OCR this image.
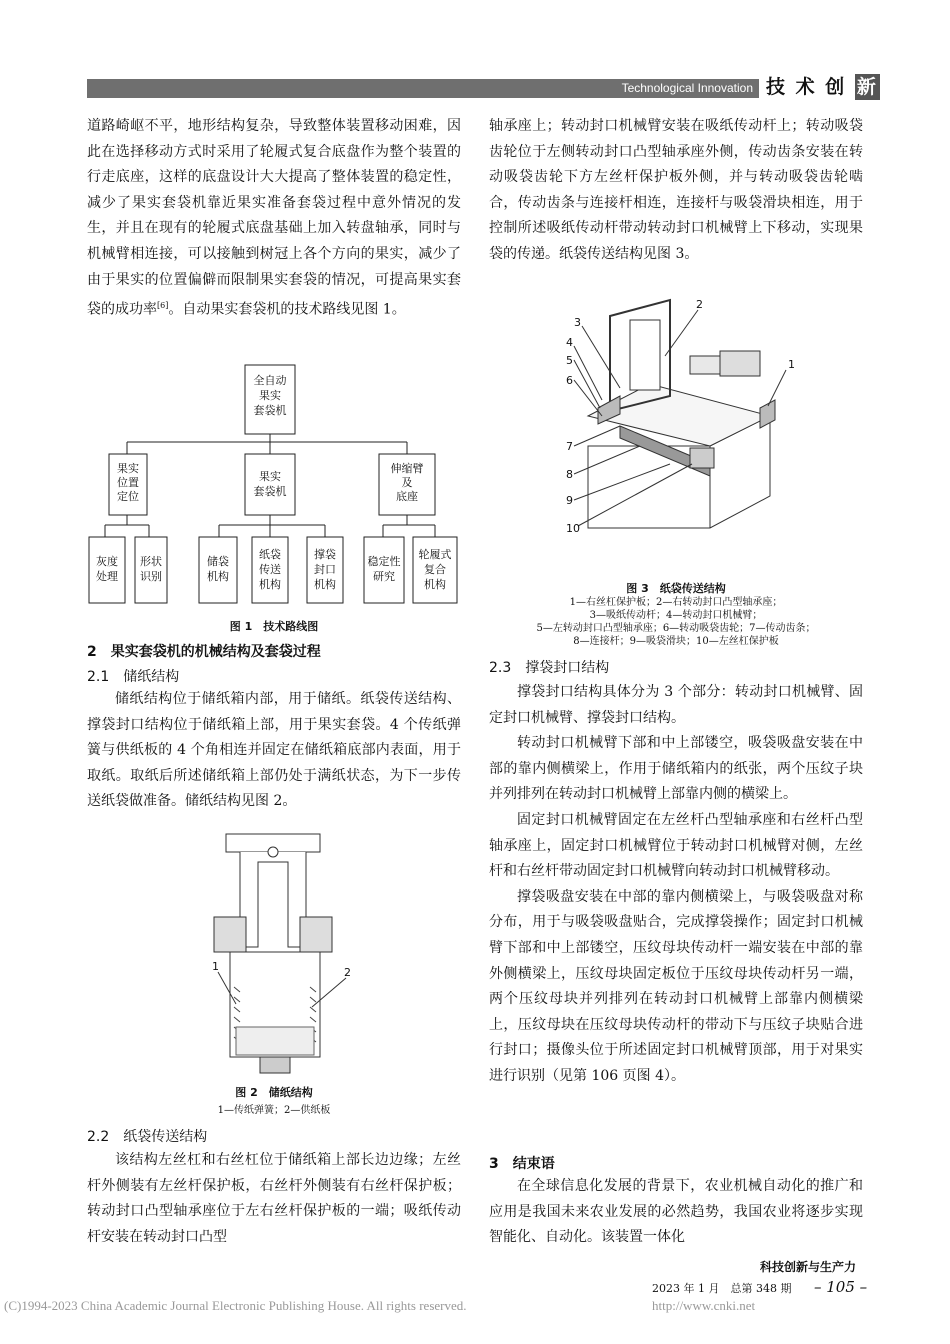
Technological Innovation 技 术 创 新

道路崎岖不平，地形结构复杂，导致整体装置移动困难，因此在选择移动方式时采用了轮履式复合底盘作为整个装置的行走底座，这样的底盘设计大大提高了整体装置的稳定性，减少了果实套袋机靠近果实准备套袋过程中意外情况的发生，并且在现有的轮履式底盘基础上加入转盘轴承，同时与机械臂相连接，可以接触到树冠上各个方向的果实，减少了由于果实的位置偏僻而限制果实套袋的情况，可提高果实套袋的成功率[6]。自动果实套袋机的技术路线见图 1。

全自动
果实
套袋机
果实
位置
定位
果实
套袋机
伸缩臂
及
底座
灰度
处理
形状
识别
储袋
机构
纸袋
传送
机构
撑袋
封口
机构
稳定性
研究
轮履式
复合
机构
图 1　技术路线图
2　果实套袋机的机械结构及套袋过程
2.1　储纸结构

储纸结构位于储纸箱内部，用于储纸。纸袋传送结构、撑袋封口结构位于储纸箱上部，用于果实套袋。4 个传纸弹簧与供纸板的 4 个角相连并固定在储纸箱底部内表面，用于取纸。取纸后所述储纸箱上部仍处于满纸状态，为下一步传送纸袋做准备。储纸结构见图 2。

1	2
图 2　储纸结构
1—传纸弹簧；2—供纸板
2.2　纸袋传送结构

该结构左丝杠和右丝杠位于储纸箱上部长边边缘；左丝杆外侧装有左丝杆保护板，右丝杆外侧装有右丝杆保护板；转动封口凸型轴承座位于左右丝杆保护板的一端；吸纸传动杆安装在转动封口凸型

轴承座上；转动封口机械臂安装在吸纸传动杆上；转动吸袋齿轮位于左侧转动封口凸型轴承座外侧，传动齿条安装在转动吸袋齿轮下方左丝杆保护板外侧，并与转动吸袋齿轮啮合，传动齿条与连接杆相连，连接杆与吸袋滑块相连，用于控制所述吸纸传动杆带动转动封口机械臂上下移动，实现果袋的传递。纸袋传送结构见图 3。

1
2
3
4
5
6
7
8
9
10
图 3　纸袋传送结构
1—右丝杠保护板；2—右转动封口凸型轴承座；
3—吸纸传动杆；4—转动封口机械臂；
5—左转动封口凸型轴承座；6—转动吸袋齿轮；7—传动齿条；
8—连接杆；9—吸袋滑块；10—左丝杠保护板
2.3　撑袋封口结构

撑袋封口结构具体分为 3 个部分：转动封口机械臂、固定封口机械臂、撑袋封口结构。

转动封口机械臂下部和中上部镂空，吸袋吸盘安装在中部的靠内侧横梁上，作用于储纸箱内的纸张，两个压纹子块并列排列在转动封口机械臂上部靠内侧的横梁上。

固定封口机械臂固定在左丝杆凸型轴承座和右丝杆凸型轴承座上，固定封口机械臂位于转动封口机械臂对侧，左丝杆和右丝杆带动固定封口机械臂向转动封口机械臂移动。

撑袋吸盘安装在中部的靠内侧横梁上，与吸袋吸盘对称分布，用于与吸袋吸盘贴合，完成撑袋操作；固定封口机械臂下部和中上部镂空，压纹母块传动杆一端安装在中部的靠外侧横梁上，压纹母块固定板位于压纹母块传动杆另一端，两个压纹母块并列排列在转动封口机械臂上部靠内侧横梁上，压纹母块在压纹母块传动杆的带动下与压纹子块贴合进行封口；摄像头位于所述固定封口机械臂顶部，用于对果实进行识别（见第 106 页图 4）。

3　结束语

在全球信息化发展的背景下，农业机械自动化的推广和应用是我国未来农业发展的必然趋势，我国农业将逐步实现智能化、自动化。该装置一体化

科技创新与生产力
2023 年 1 月　总第 348 期 – 105 –
(C)1994-2023 China Academic Journal Electronic Publishing House. All rights reserved.	http://www.cnki.net
